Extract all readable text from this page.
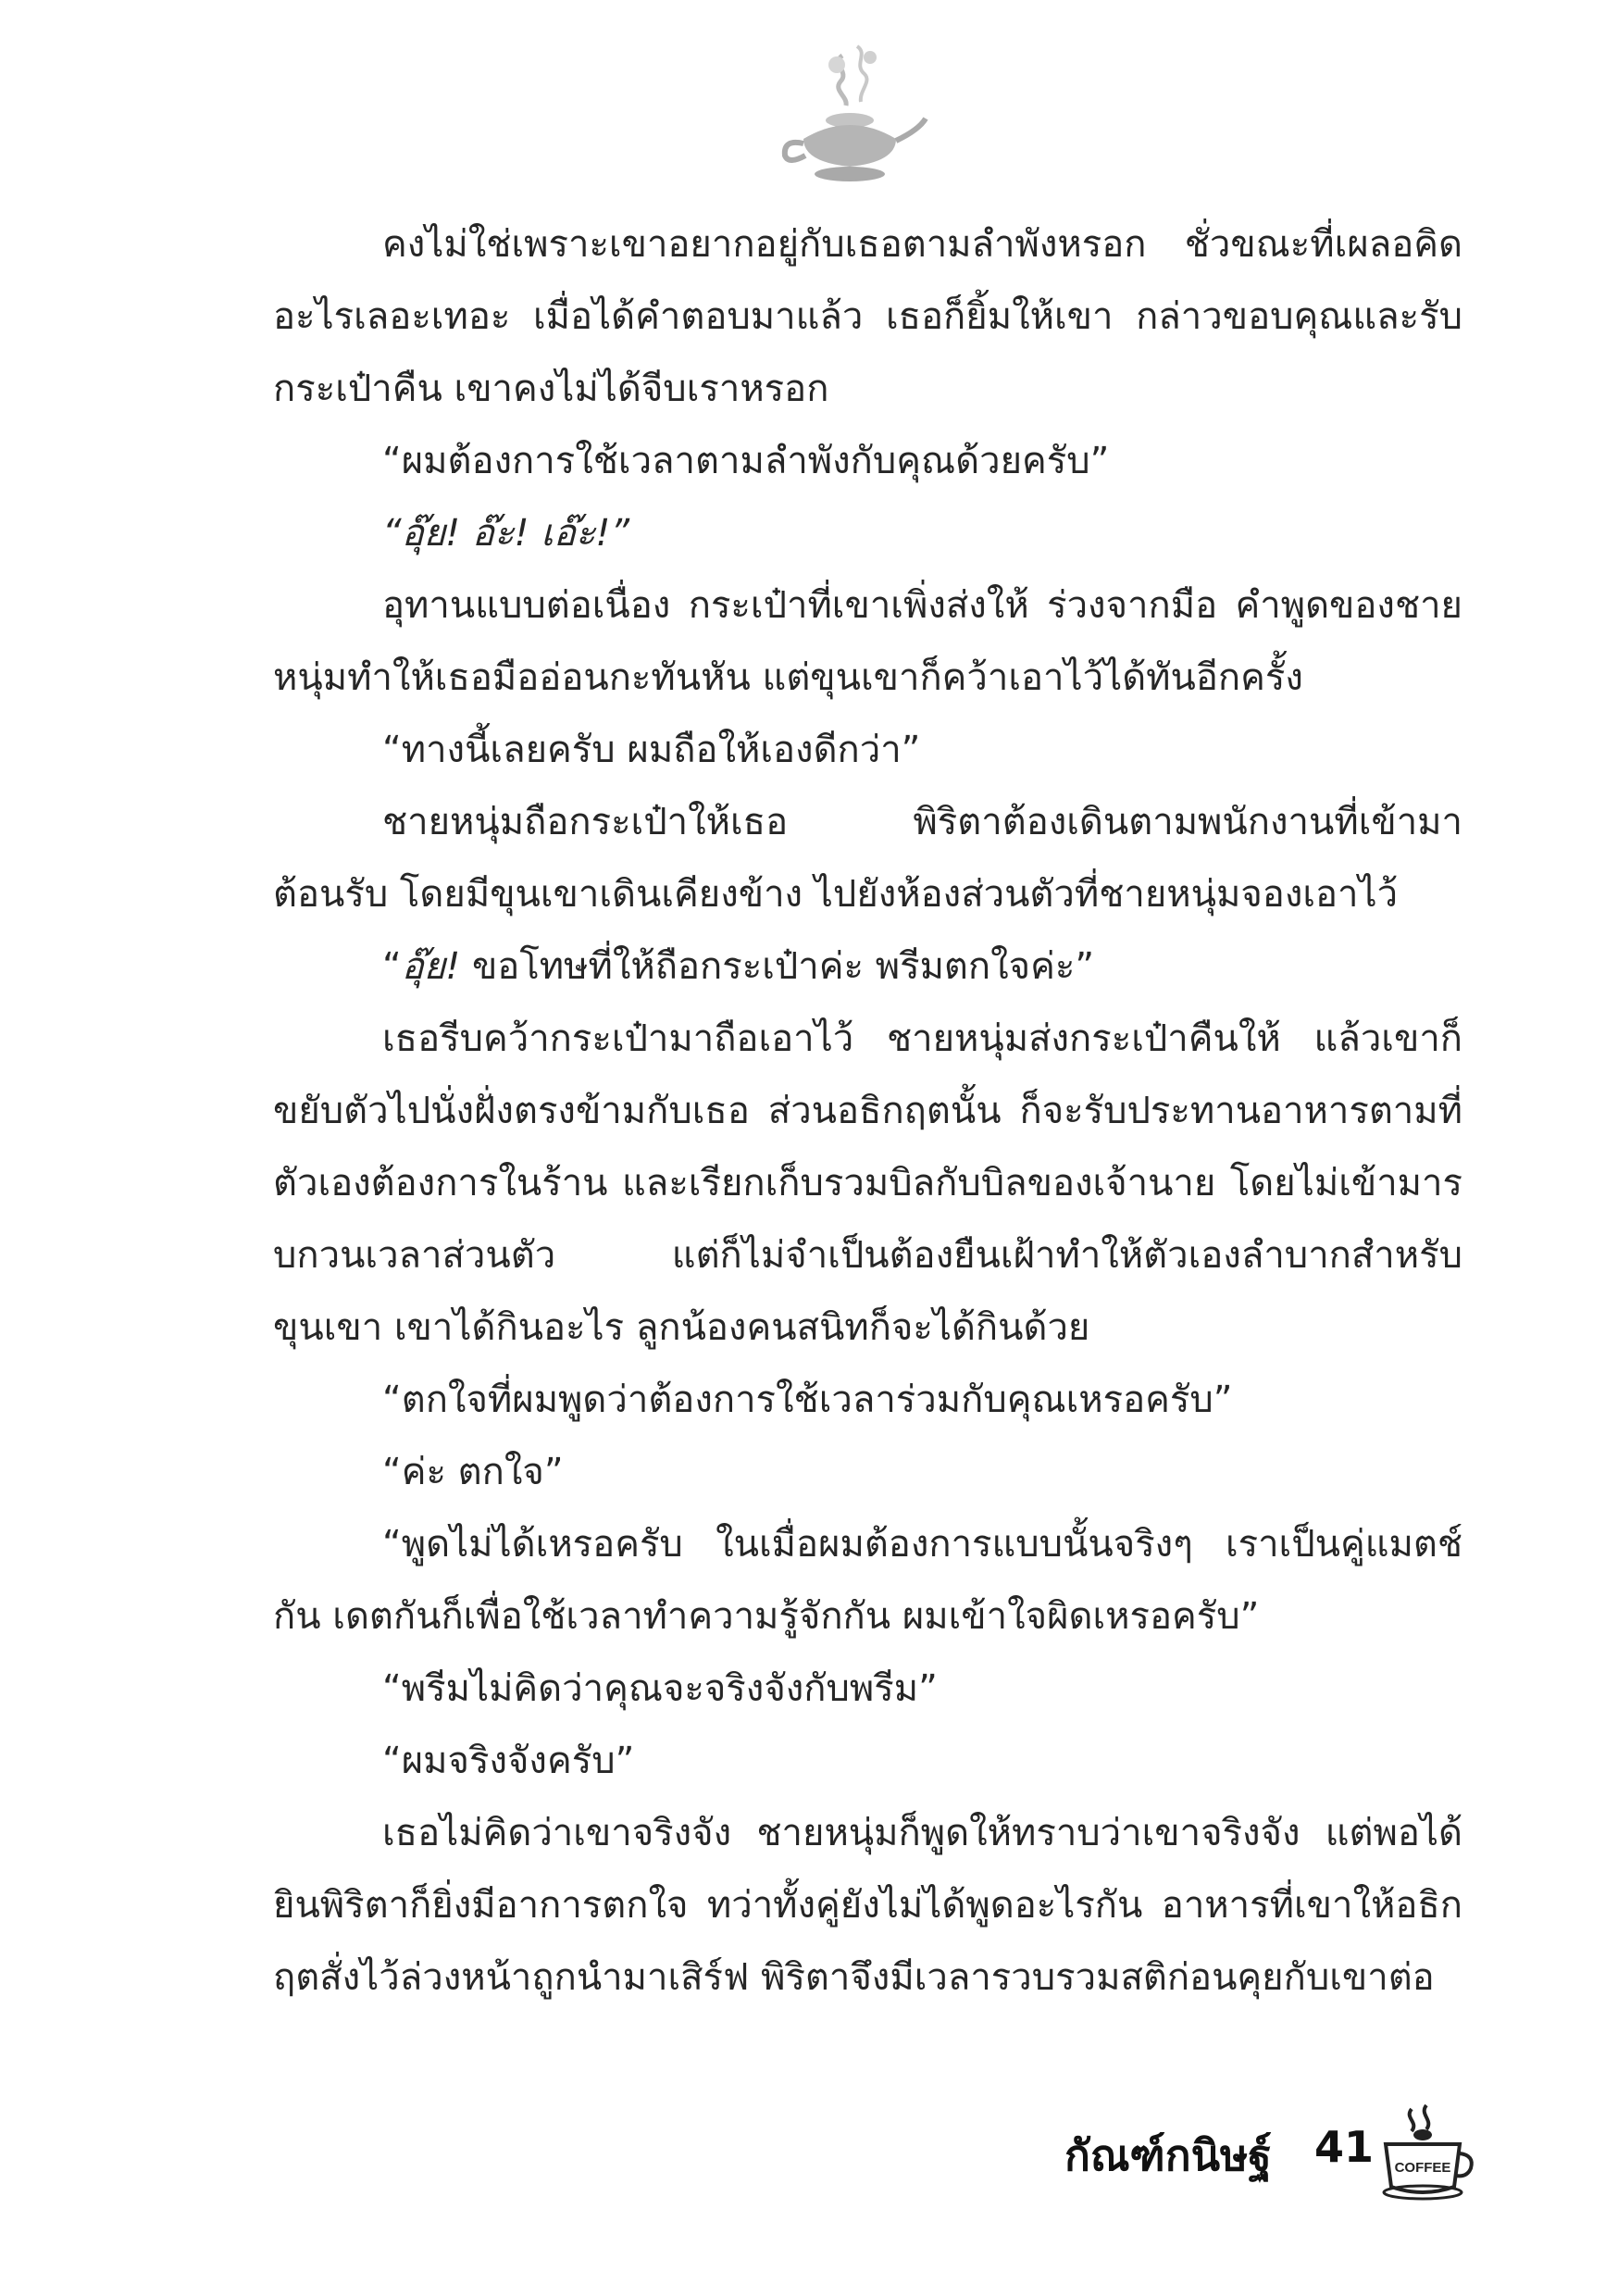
คงไม่ใช่เพราะเขาอยากอยู่กับเธอตามลำพังหรอก ชั่วขณะที่เผลอคิดอะไรเลอะเทอะ เมื่อได้คำตอบมาแล้ว เธอก็ยิ้มให้เขา กล่าวขอบคุณและรับกระเป๋าคืน เขาคงไม่ได้จีบเราหรอก

“ผมต้องการใช้เวลาตามลำพังกับคุณด้วยครับ”

“อุ๊ย! อ๊ะ! เอ๊ะ!”

อุทานแบบต่อเนื่อง กระเป๋าที่เขาเพิ่งส่งให้ ร่วงจากมือ คำพูดของชายหนุ่มทำให้เธอมืออ่อนกะทันหัน แต่ขุนเขาก็คว้าเอาไว้ได้ทันอีกครั้ง

“ทางนี้เลยครับ ผมถือให้เองดีกว่า”

ชายหนุ่มถือกระเป๋าให้เธอ พิริตาต้องเดินตามพนักงานที่เข้ามาต้อนรับ โดยมีขุนเขาเดินเคียงข้าง ไปยังห้องส่วนตัวที่ชายหนุ่มจองเอาไว้

“อุ๊ย! ขอโทษที่ให้ถือกระเป๋าค่ะ พรีมตกใจค่ะ”

เธอรีบคว้ากระเป๋ามาถือเอาไว้ ชายหนุ่มส่งกระเป๋าคืนให้ แล้วเขาก็ขยับตัวไปนั่งฝั่งตรงข้ามกับเธอ ส่วนอธิกฤตนั้น ก็จะรับประทานอาหารตามที่ตัวเองต้องการในร้าน และเรียกเก็บรวมบิลกับบิลของเจ้านาย โดยไม่เข้ามารบกวนเวลาส่วนตัว แต่ก็ไม่จำเป็นต้องยืนเฝ้าทำให้ตัวเองลำบากสำหรับขุนเขา เขาได้กินอะไร ลูกน้องคนสนิทก็จะได้กินด้วย

“ตกใจที่ผมพูดว่าต้องการใช้เวลาร่วมกับคุณเหรอครับ”

“ค่ะ ตกใจ”

“พูดไม่ได้เหรอครับ ในเมื่อผมต้องการแบบนั้นจริงๆ เราเป็นคู่แมตช์กัน เดตกันก็เพื่อใช้เวลาทำความรู้จักกัน ผมเข้าใจผิดเหรอครับ”

“พรีมไม่คิดว่าคุณจะจริงจังกับพรีม”

“ผมจริงจังครับ”

เธอไม่คิดว่าเขาจริงจัง ชายหนุ่มก็พูดให้ทราบว่าเขาจริงจัง แต่พอได้ยินพิริตาก็ยิ่งมีอาการตกใจ ทว่าทั้งคู่ยังไม่ได้พูดอะไรกัน อาหารที่เขาให้อธิกฤตสั่งไว้ล่วงหน้าถูกนำมาเสิร์ฟ พิริตาจึงมีเวลารวบรวมสติก่อนคุยกับเขาต่อ

กัณฑ์กนิษฐ์ 41 COFFEE
